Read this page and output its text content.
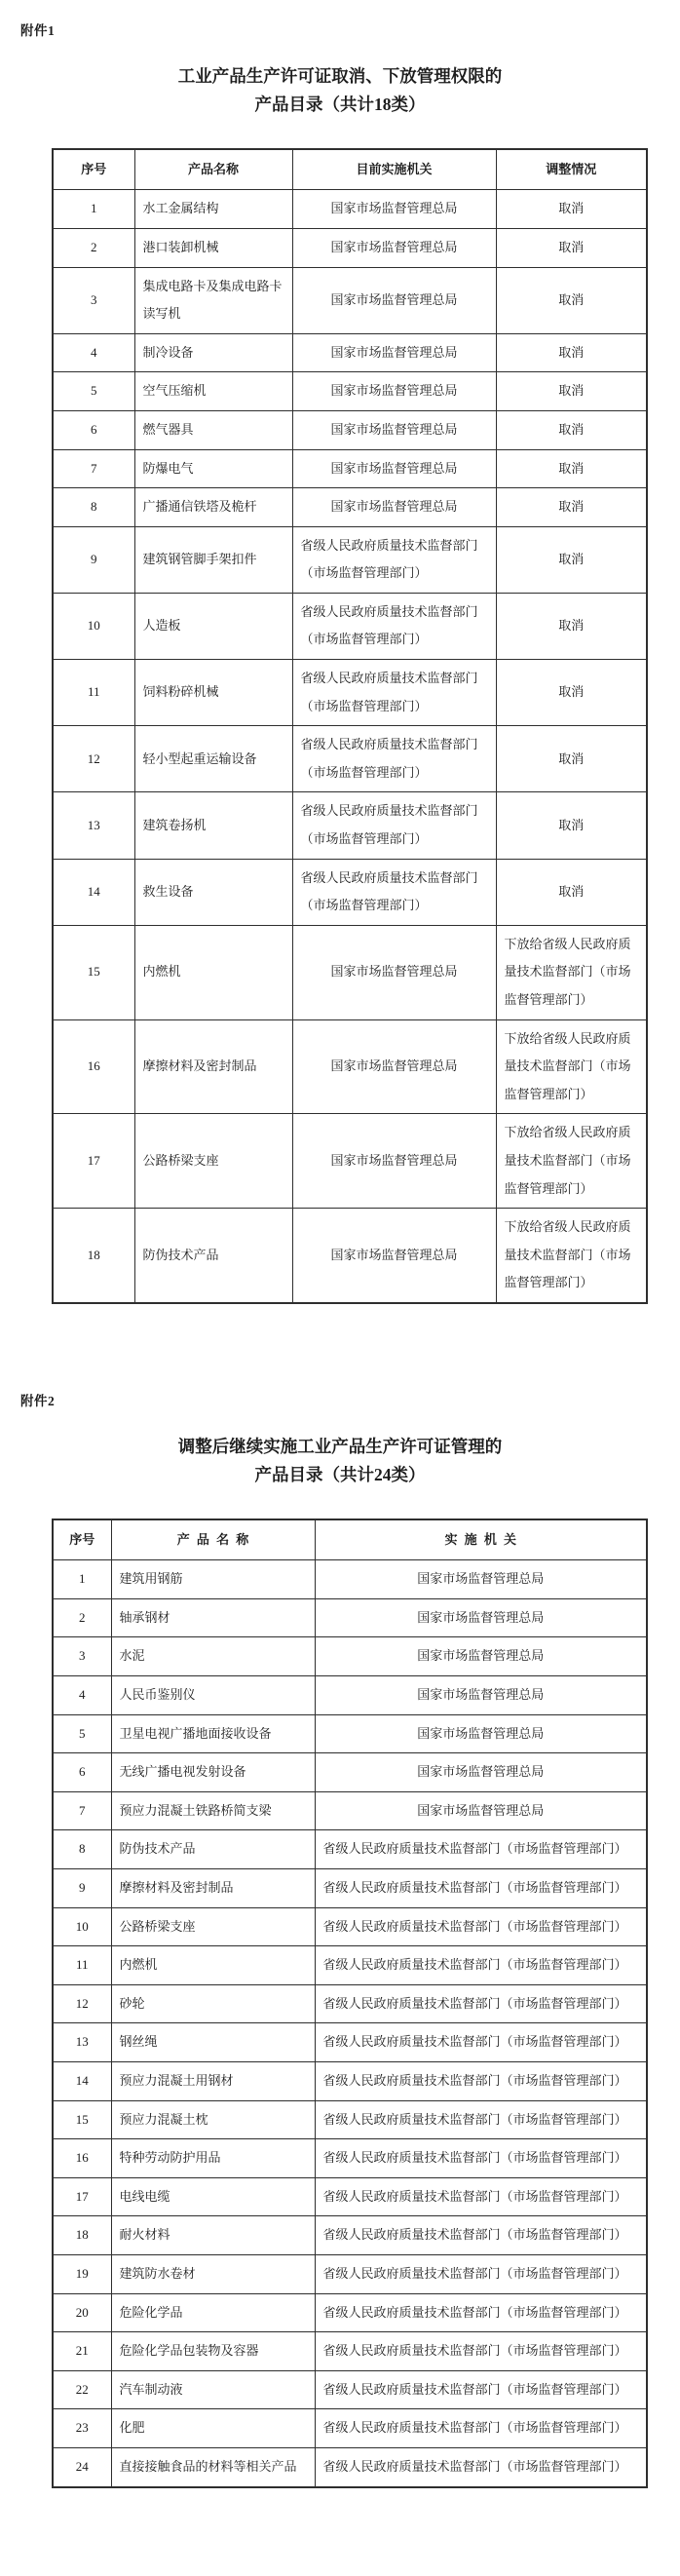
附件1
工业产品生产许可证取消、下放管理权限的
产品目录（共计18类）
序号	产品名称	目前实施机关	调整情况
1	水工金属结构	国家市场监督管理总局	取消
2	港口装卸机械	国家市场监督管理总局	取消
3	集成电路卡及集成电路卡读写机	国家市场监督管理总局	取消
4	制冷设备	国家市场监督管理总局	取消
5	空气压缩机	国家市场监督管理总局	取消
6	燃气器具	国家市场监督管理总局	取消
7	防爆电气	国家市场监督管理总局	取消
8	广播通信铁塔及桅杆	国家市场监督管理总局	取消
9	建筑钢管脚手架扣件	省级人民政府质量技术监督部门（市场监督管理部门）	取消
10	人造板	省级人民政府质量技术监督部门（市场监督管理部门）	取消
11	饲料粉碎机械	省级人民政府质量技术监督部门（市场监督管理部门）	取消
12	轻小型起重运输设备	省级人民政府质量技术监督部门（市场监督管理部门）	取消
13	建筑卷扬机	省级人民政府质量技术监督部门（市场监督管理部门）	取消
14	救生设备	省级人民政府质量技术监督部门（市场监督管理部门）	取消
15	内燃机	国家市场监督管理总局	下放给省级人民政府质量技术监督部门（市场监督管理部门）
16	摩擦材料及密封制品	国家市场监督管理总局	下放给省级人民政府质量技术监督部门（市场监督管理部门）
17	公路桥梁支座	国家市场监督管理总局	下放给省级人民政府质量技术监督部门（市场监督管理部门）
18	防伪技术产品	国家市场监督管理总局	下放给省级人民政府质量技术监督部门（市场监督管理部门）
附件2
调整后继续实施工业产品生产许可证管理的
产品目录（共计24类）
序号	产品名称	实施机关
1	建筑用钢筋	国家市场监督管理总局
2	轴承钢材	国家市场监督管理总局
3	水泥	国家市场监督管理总局
4	人民币鉴别仪	国家市场监督管理总局
5	卫星电视广播地面接收设备	国家市场监督管理总局
6	无线广播电视发射设备	国家市场监督管理总局
7	预应力混凝土铁路桥简支梁	国家市场监督管理总局
8	防伪技术产品	省级人民政府质量技术监督部门（市场监督管理部门）
9	摩擦材料及密封制品	省级人民政府质量技术监督部门（市场监督管理部门）
10	公路桥梁支座	省级人民政府质量技术监督部门（市场监督管理部门）
11	内燃机	省级人民政府质量技术监督部门（市场监督管理部门）
12	砂轮	省级人民政府质量技术监督部门（市场监督管理部门）
13	钢丝绳	省级人民政府质量技术监督部门（市场监督管理部门）
14	预应力混凝土用钢材	省级人民政府质量技术监督部门（市场监督管理部门）
15	预应力混凝土枕	省级人民政府质量技术监督部门（市场监督管理部门）
16	特种劳动防护用品	省级人民政府质量技术监督部门（市场监督管理部门）
17	电线电缆	省级人民政府质量技术监督部门（市场监督管理部门）
18	耐火材料	省级人民政府质量技术监督部门（市场监督管理部门）
19	建筑防水卷材	省级人民政府质量技术监督部门（市场监督管理部门）
20	危险化学品	省级人民政府质量技术监督部门（市场监督管理部门）
21	危险化学品包装物及容器	省级人民政府质量技术监督部门（市场监督管理部门）
22	汽车制动液	省级人民政府质量技术监督部门（市场监督管理部门）
23	化肥	省级人民政府质量技术监督部门（市场监督管理部门）
24	直接接触食品的材料等相关产品	省级人民政府质量技术监督部门（市场监督管理部门）
